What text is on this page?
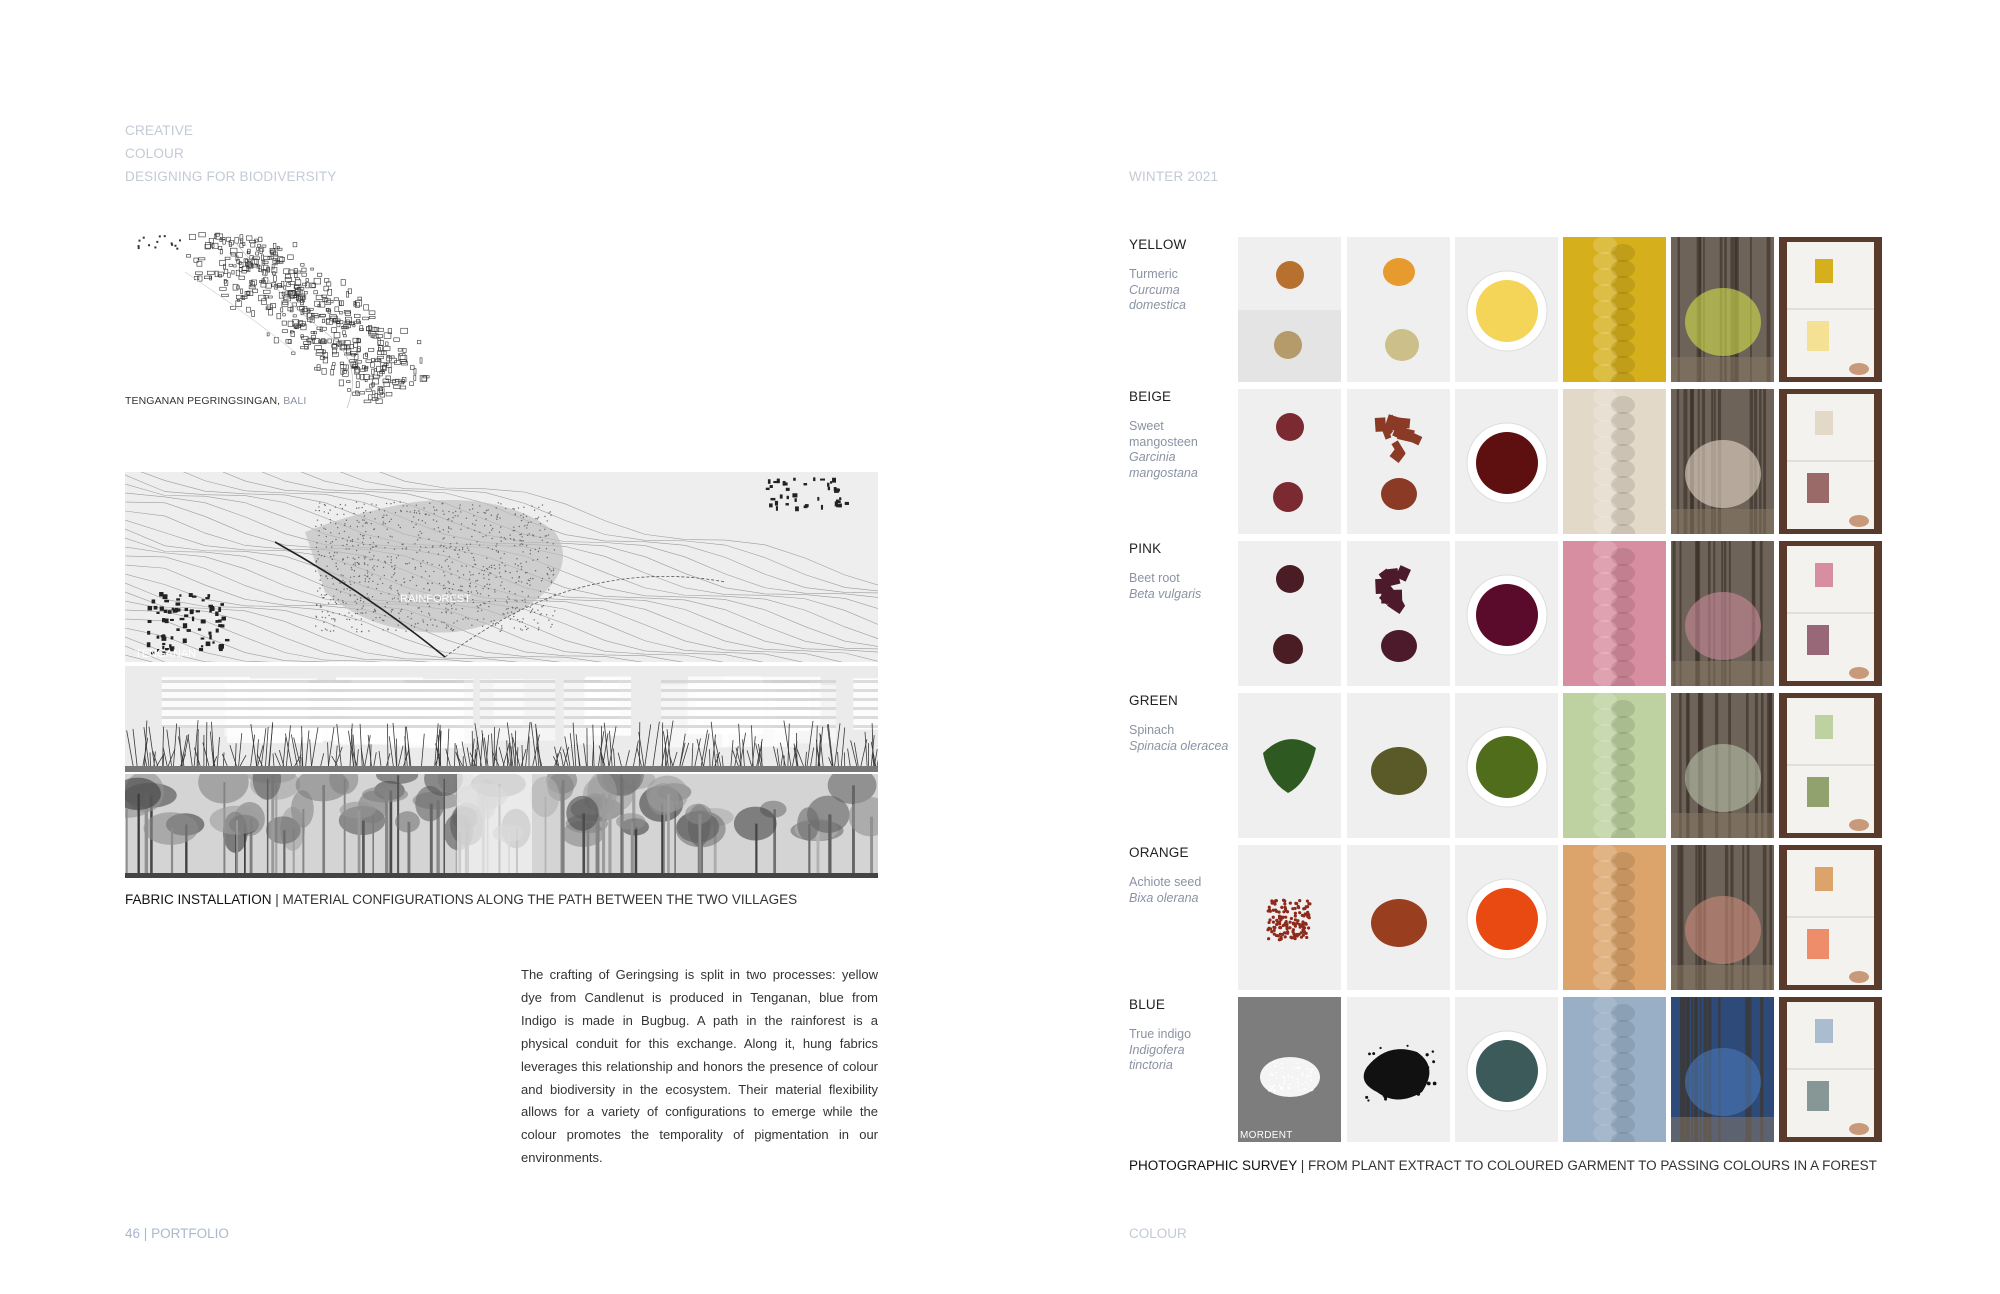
CREATIVE
COLOUR
DESIGNING FOR BIODIVERSITY	WINTER 2021
TENGANAN PEGRINGSINGAN, BALI
RAINFOREST
TENGANAN
FABRIC INSTALLATION | MATERIAL CONFIGURATIONS ALONG THE PATH BETWEEN THE TWO VILLAGES

The crafting of Geringsing is split in two processes: yellow dye from Candlenut is produced in Tenganan, blue from Indigo is made in Bugbug. A path in the rainforest is a physical conduit for this exchange. Along it, hung fabrics leverages this relationship and honors the presence of colour and biodiversity in the ecosystem. Their material flexibility allows for a variety of configurations to emerge while the colour promotes the temporality of pigmentation in our environments.

YELLOW
Turmeric
Curcuma
domestica
BEIGE
Sweet
mangosteen
Garcinia
mangostana
PINK
Beet root
Beta vulgaris
GREEN
Spinach
Spinacia oleracea
ORANGE
Achiote seed
Bixa olerana
BLUE
True indigo
Indigofera
tinctoria
MORDENT
PHOTOGRAPHIC SURVEY | FROM PLANT EXTRACT TO COLOURED GARMENT TO PASSING COLOURS IN A FOREST
46 | PORTFOLIO	COLOUR
